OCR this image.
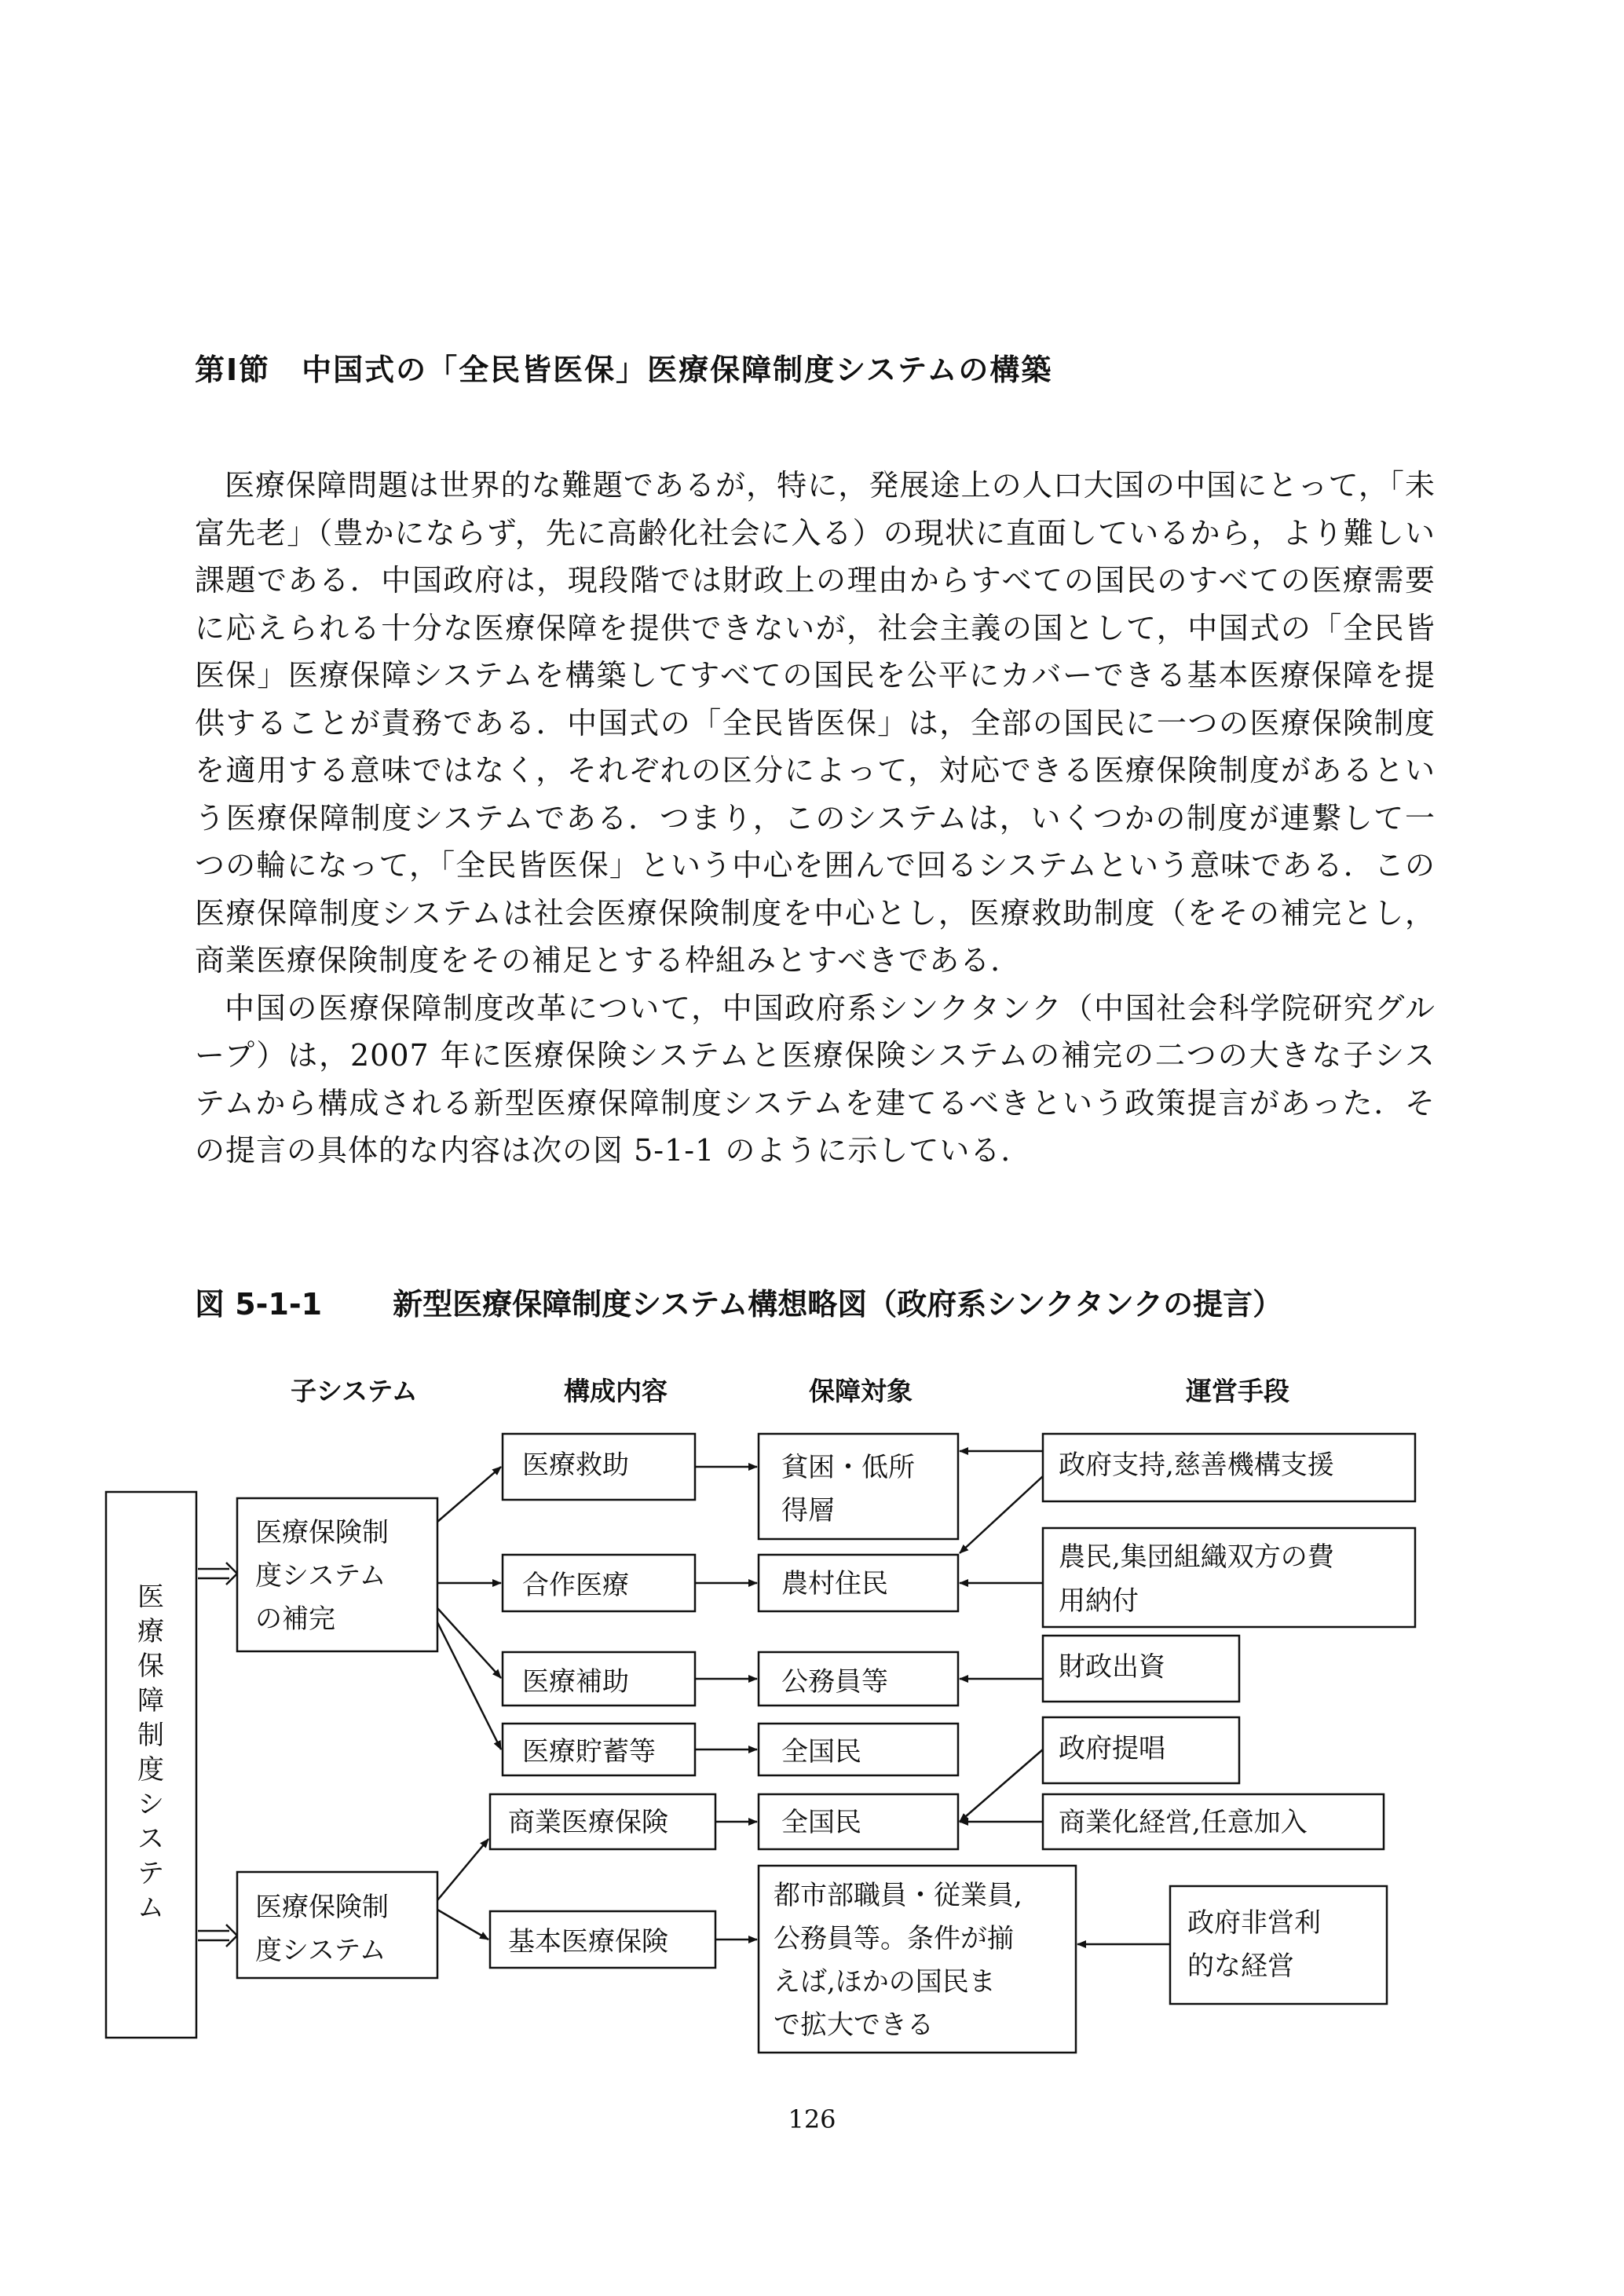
第Ⅰ節　中国式の「全民皆医保」医療保障制度システムの構築

医療保障問題は世界的な難題であるが，特に，発展途上の人口大国の中国にとって，「未富先老」（豊かにならず，先に高齢化社会に入る）の現状に直面しているから，より難しい課題である．中国政府は，現段階では財政上の理由からすべての国民のすべての医療需要に応えられる十分な医療保障を提供できないが，社会主義の国として，中国式の「全民皆医保」医療保障システムを構築してすべての国民を公平にカバーできる基本医療保障を提供することが責務である．中国式の「全民皆医保」は，全部の国民に一つの医療保険制度を適用する意味ではなく，それぞれの区分によって，対応できる医療保険制度があるという医療保障制度システムである．つまり，このシステムは，いくつかの制度が連繋して一つの輪になって，「全民皆医保」という中心を囲んで回るシステムという意味である．この医療保障制度システムは社会医療保険制度を中心とし，医療救助制度（をその補完とし，商業医療保険制度をその補足とする枠組みとすべきである．

中国の医療保障制度改革について，中国政府系シンクタンク（中国社会科学院研究グループ）は，2007 年に医療保険システムと医療保険システムの補完の二つの大きな子システムから構成される新型医療保障制度システムを建てるべきという政策提言があった．その提言の具体的な内容は次の図 5-1-1 のように示している．

図 5-1-1 新型医療保障制度システム構想略図（政府系シンクタンクの提言）
子システム	構成内容	保障対象	運営手段
医
療
保
障
制
度
シ
ス
テ
ム
医療保険制
度システム
の補完
医療保険制
度システム
医療救助
合作医療
医療補助
医療貯蓄等
商業医療保険
基本医療保険
貧困・低所
得層
農村住民
公務員等
全国民
全国民
都市部職員・従業員,
公務員等。条件が揃
えば,ほかの国民ま
で拡大できる
政府支持,慈善機構支援
農民,集団組織双方の費
用納付
財政出資
政府提唱
商業化経営,任意加入
政府非営利
的な経営
126
